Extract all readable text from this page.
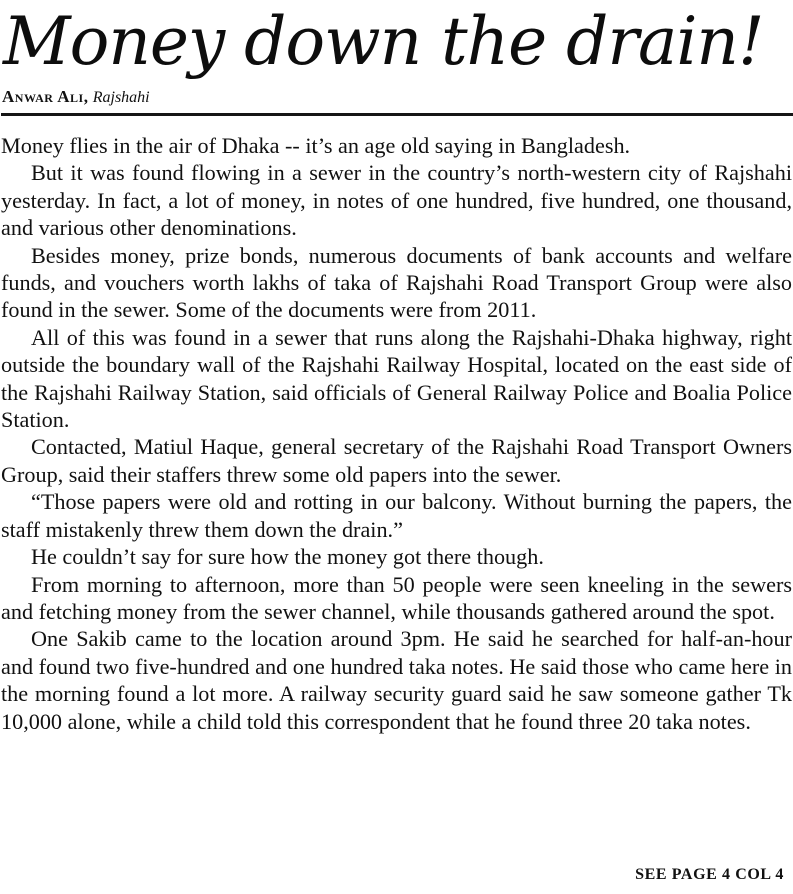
Money down the drain!
Anwar Ali, Rajshahi

Money flies in the air of Dhaka -- it’s an age old saying in Bangladesh.

But it was found flowing in a sewer in the country’s north-western city of Rajshahi yesterday. In fact, a lot of money, in notes of one hundred, five hundred, one thousand, and various other denominations.

Besides money, prize bonds, numerous documents of bank accounts and welfare funds, and vouchers worth lakhs of taka of Rajshahi Road Transport Group were also found in the sewer. Some of the documents were from 2011.

All of this was found in a sewer that runs along the Rajshahi-Dhaka highway, right outside the boundary wall of the Rajshahi Railway Hospital, located on the east side of the Rajshahi Railway Station, said officials of General Railway Police and Boalia Police Station.

Contacted, Matiul Haque, general secretary of the Rajshahi Road Transport Owners Group, said their staffers threw some old papers into the sewer.

“Those papers were old and rotting in our balcony. Without burning the papers, the staff mistakenly threw them down the drain.”

He couldn’t say for sure how the money got there though.

From morning to afternoon, more than 50 people were seen kneeling in the sewers and fetching money from the sewer channel, while thousands gathered around the spot.

One Sakib came to the location around 3pm. He said he searched for half-an-hour and found two five-hundred and one hundred taka notes. He said those who came here in the morning found a lot more. A railway security guard said he saw someone gather Tk 10,000 alone, while a child told this correspondent that he found three 20 taka notes.

SEE PAGE 4 COL 4
